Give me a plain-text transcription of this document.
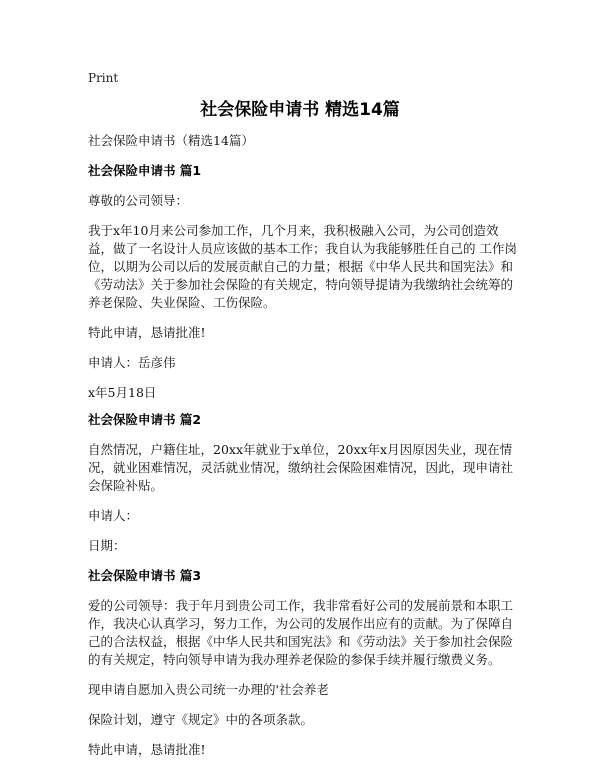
Print
社会保险申请书 精选14篇

社会保险申请书（精选14篇）

社会保险申请书 篇1

尊敬的公司领导：

我于x年10月来公司参加工作，几个月来，我积极融入公司，为公司创造效益，做了一名设计人员应该做的基本工作；我自认为我能够胜任自己的 工作岗位，以期为公司以后的发展贡献自己的力量；根据《中华人民共和国宪法》和《劳动法》关于参加社会保险的有关规定，特向领导提请为我缴纳社会统筹的养老保险、失业保险、工伤保险。

特此申请，恳请批准!

申请人：岳彦伟

x年5月18日

社会保险申请书 篇2

自然情况，户籍住址，20xx年就业于x单位，20xx年x月因原因失业，现在情况，就业困难情况，灵活就业情况，缴纳社会保险困难情况，因此，现申请社会保险补贴。

申请人：

日期：

社会保险申请书 篇3

爱的公司领导：我于年月到贵公司工作，我非常看好公司的发展前景和本职工作，我决心认真学习，努力工作，为公司的发展作出应有的贡献。为了保障自己的合法权益，根据《中华人民共和国宪法》和《劳动法》关于参加社会保险的有关规定，特向领导申请为我办理养老保险的参保手续并履行缴费义务。

现申请自愿加入贵公司统一办理的'社会养老

保险计划，遵守《规定》中的各项条款。

特此申请，恳请批准!
